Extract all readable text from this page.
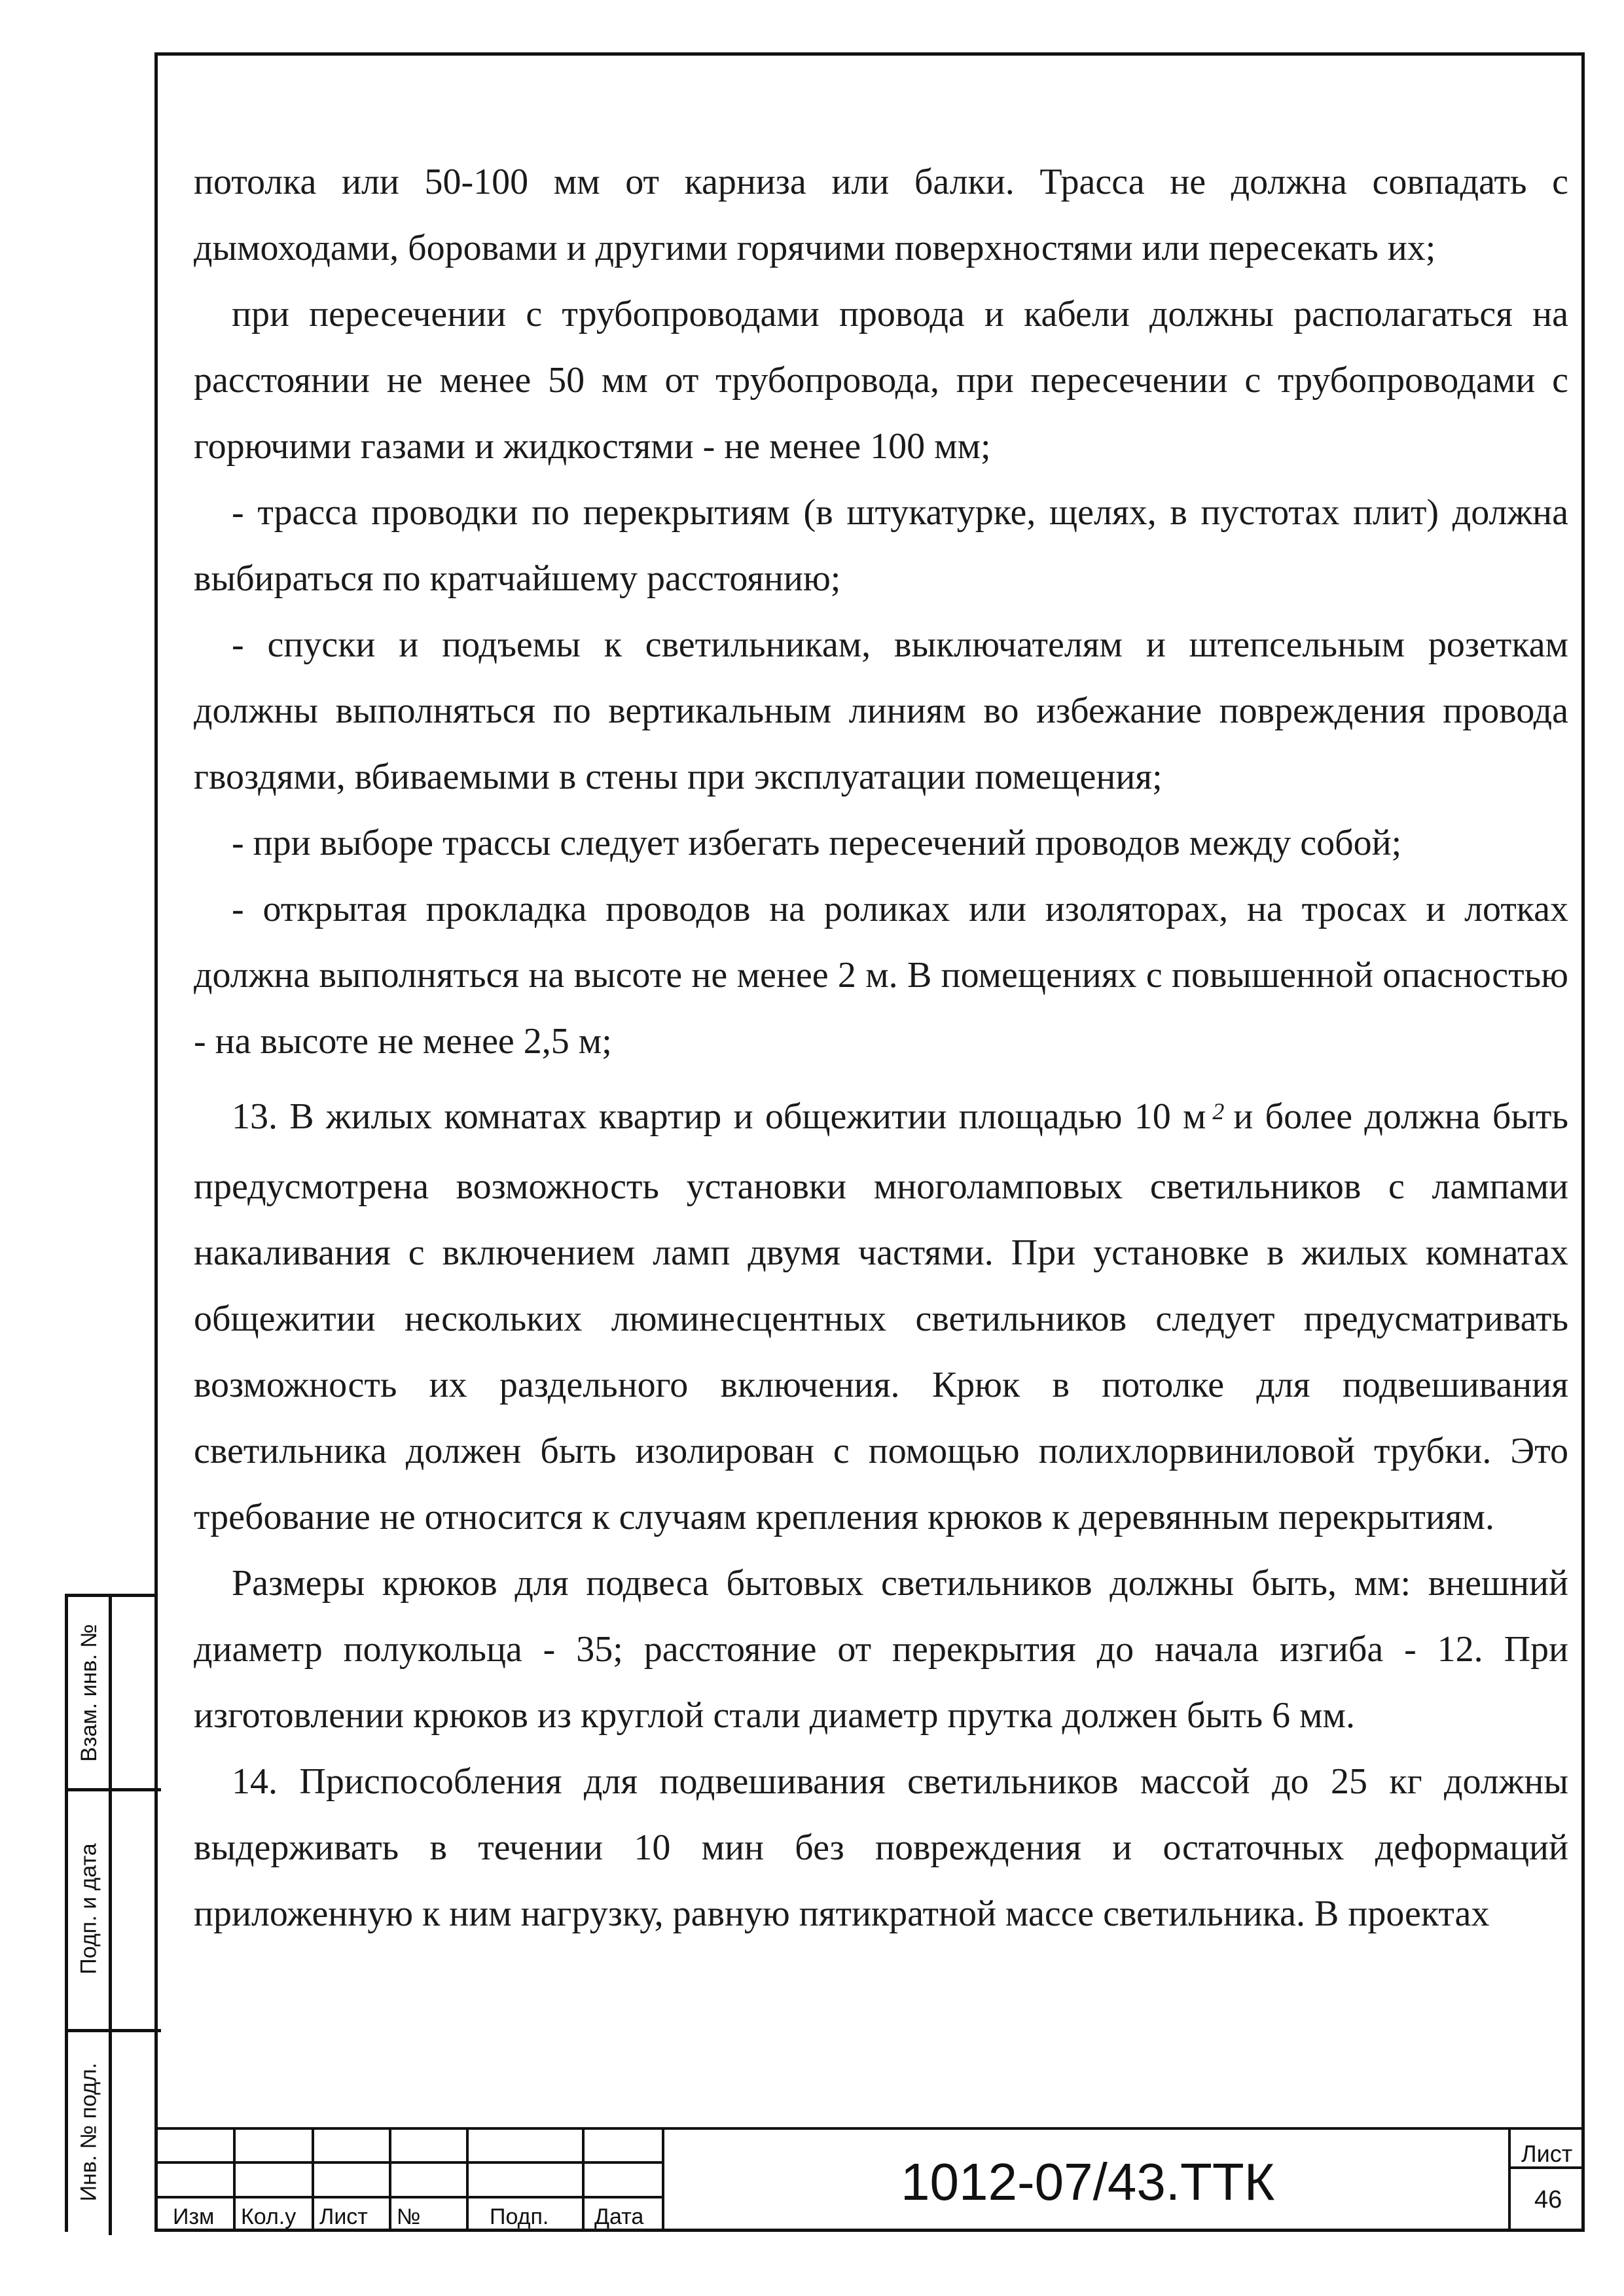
потолка или 50-100 мм от карниза или балки. Трасса не должна совпадать с

дымоходами, боровами и другими горячими поверхностями или пересекать их;

при пересечении с трубопроводами провода и кабели должны располагаться на расстоянии не менее 50 мм от трубопровода, при пересечении с трубопроводами с горючими газами и жидкостями - не менее 100 мм;

- трасса проводки по перекрытиям (в штукатурке, щелях, в пустотах плит) должна выбираться по кратчайшему расстоянию;

- спуски и подъемы к светильникам, выключателям и штепсельным розеткам должны выполняться по вертикальным линиям во избежание повреждения провода гвоздями, вбиваемыми в стены при эксплуатации помещения;

- при выборе трассы следует избегать пересечений проводов между собой;

- открытая прокладка проводов на роликах или изоляторах, на тросах и лотках должна выполняться на высоте не менее 2 м. В помещениях с повышенной опасностью - на высоте не менее 2,5 м;

13. В жилых комнатах квартир и общежитии площадью 10 м $^2$ и более должна быть предусмотрена возможность установки многоламповых светильников с лампами накаливания с включением ламп двумя частями. При установке в жилых комнатах общежитии нескольких люминесцентных светильников следует предусматривать возможность их раздельного включения. Крюк в потолке для подвешивания светильника должен быть изолирован с помощью полихлорвиниловой трубки. Это требование не относится к случаям крепления крюков к деревянным перекрытиям.

Размеры крюков для подвеса бытовых светильников должны быть, мм: внешний диаметр полукольца - 35; расстояние от перекрытия до начала изгиба - 12. При изготовлении крюков из круглой стали диаметр прутка должен быть 6 мм.

14. Приспособления для подвешивания светильников массой до 25 кг должны выдерживать в течении 10 мин без повреждения и остаточных деформаций приложенную к ним нагрузку, равную пятикратной массе светильника. В проектах

Взам. инв. №
Подп. и дата
Инв. № подл.
Изм Кол.у Лист №	Подп. Дата
1012-07/43.ТТК	Лист
46
